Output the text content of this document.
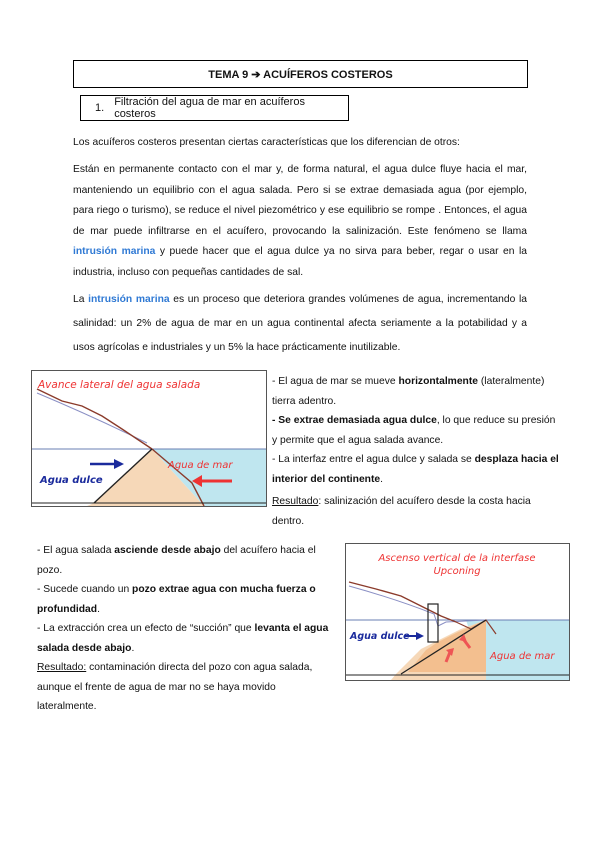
TEMA 9 ➔ ACUÍFEROS COSTEROS
1. Filtración del agua de mar en acuíferos costeros

Los acuíferos costeros presentan ciertas características que los diferencian de otros:

Están en permanente contacto con el mar y, de forma natural, el agua dulce fluye hacia el mar, manteniendo un equilibrio con el agua salada. Pero si se extrae demasiada agua (por ejemplo, para riego o turismo), se reduce el nivel piezométrico y ese equilibrio se rompe . Entonces, el agua de mar puede infiltrarse en el acuífero, provocando la salinización. Este fenómeno se llama intrusión marina y puede hacer que el agua dulce ya no sirva para beber, regar o usar en la industria, incluso con pequeñas cantidades de sal.

La intrusión marina es un proceso que deteriora grandes volúmenes de agua, incrementando la salinidad: un 2% de agua de mar en un agua continental afecta seriamente a la potabilidad y a usos agrícolas e industriales y un 5% la hace prácticamente inutilizable.

Avance lateral del agua salada
Agua dulce
Agua de mar
- El agua de mar se mueve horizontalmente (lateralmente) tierra adentro.
- Se extrae demasiada agua dulce, lo que reduce su presión y permite que el agua salada avance.
- La interfaz entre el agua dulce y salada se desplaza hacia el interior del continente.
Resultado: salinización del acuífero desde la costa hacia dentro.
- El agua salada asciende desde abajo del acuífero hacia el pozo.
- Sucede cuando un pozo extrae agua con mucha fuerza o profundidad.
- La extracción crea un efecto de “succión” que levanta el agua salada desde abajo.
Resultado: contaminación directa del pozo con agua salada, aunque el frente de agua de mar no se haya movido lateralmente.
Ascenso vertical de la interfase
Upconing
Agua dulce
Agua de mar
